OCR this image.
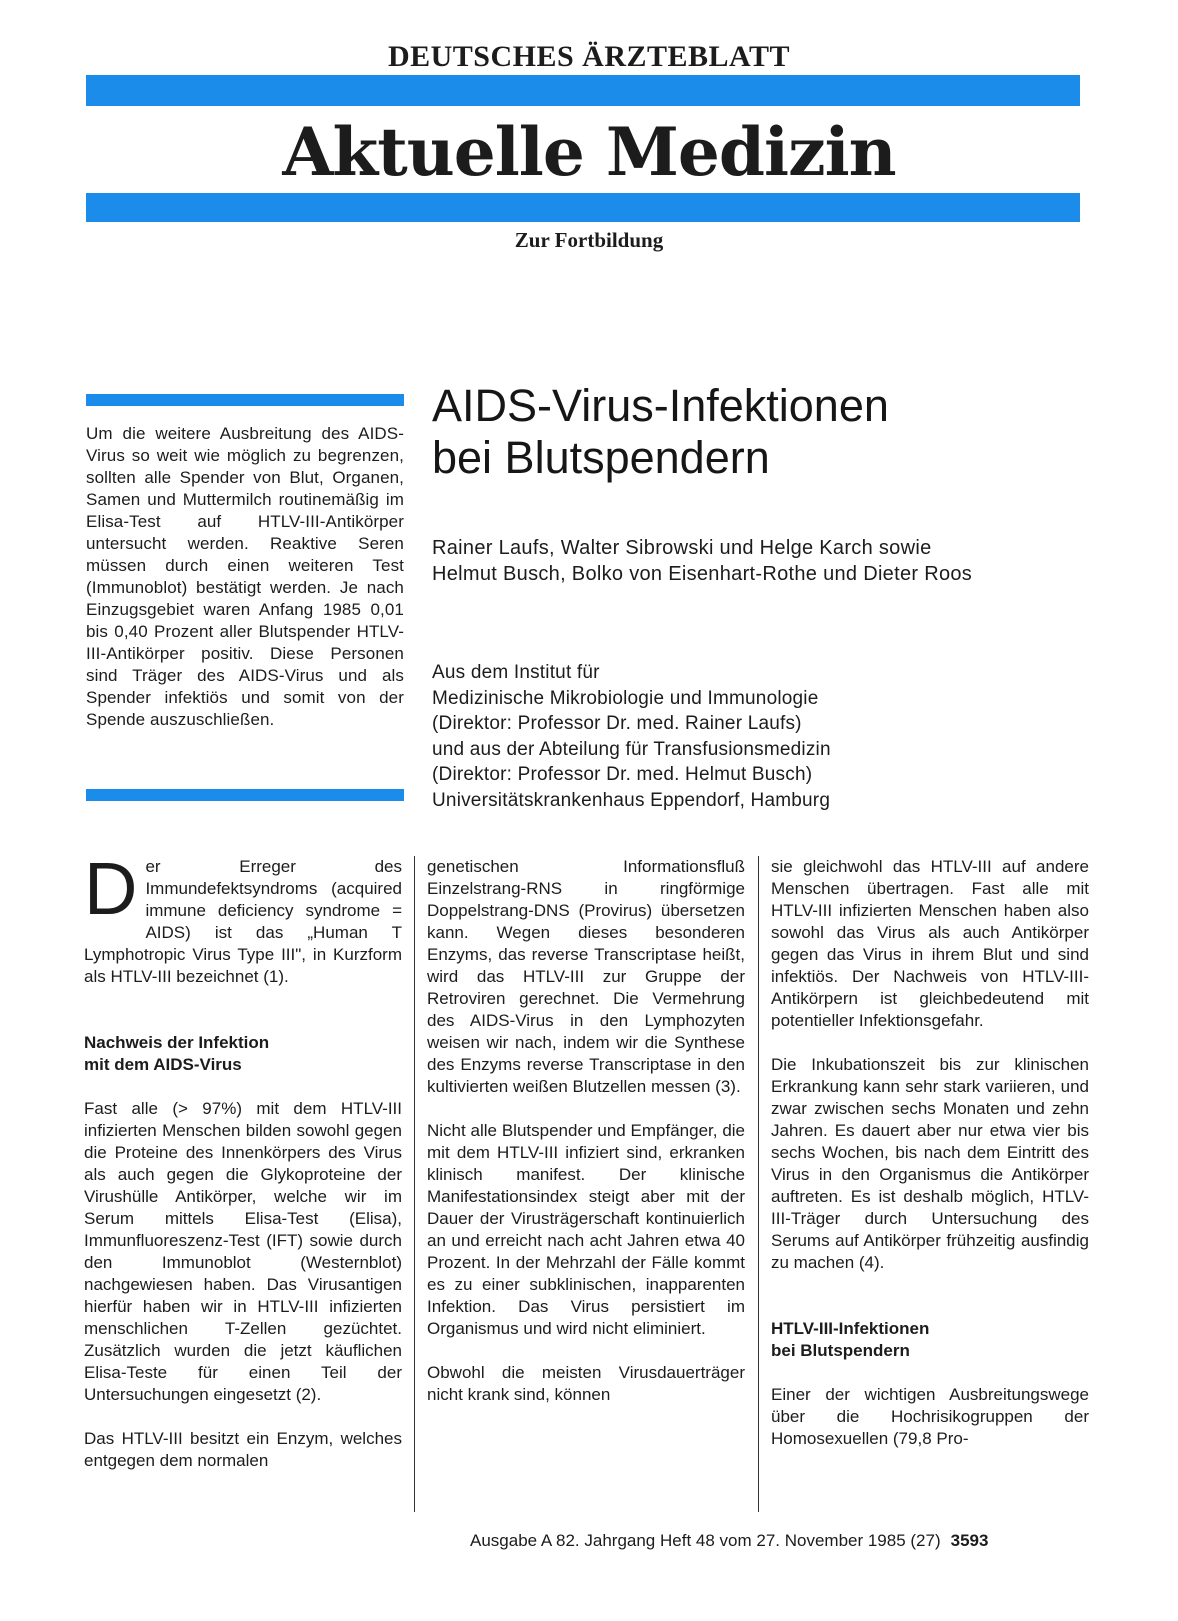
DEUTSCHES ÄRZTEBLATT
Aktuelle Medizin
Zur Fortbildung
Um die weitere Ausbreitung des AIDS-Virus so weit wie möglich zu begrenzen, sollten alle Spender von Blut, Organen, Samen und Muttermilch routinemäßig im Elisa-Test auf HTLV-III-Antikörper untersucht werden. Reaktive Seren müssen durch einen weiteren Test (Immunoblot) bestätigt werden. Je nach Einzugsgebiet waren Anfang 1985 0,01 bis 0,40 Prozent aller Blutspender HTLV-III-Antikörper positiv. Diese Personen sind Träger des AIDS-Virus und als Spender infektiös und somit von der Spende auszuschließen.
AIDS-Virus-Infektionen
bei Blutspendern
Rainer Laufs, Walter Sibrowski und Helge Karch sowie
Helmut Busch, Bolko von Eisenhart-Rothe und Dieter Roos
Aus dem Institut für
Medizinische Mikrobiologie und Immunologie
(Direktor: Professor Dr. med. Rainer Laufs)
und aus der Abteilung für Transfusionsmedizin
(Direktor: Professor Dr. med. Helmut Busch)
Universitätskrankenhaus Eppendorf, Hamburg

Der Erreger des Immundefektsyndroms (acquired immune deficiency syndrome = AIDS) ist das „Human T Lymphotropic Virus Type III", in Kurzform als HTLV-III bezeichnet (1).

Nachweis der Infektion
mit dem AIDS-Virus

Fast alle (> 97%) mit dem HTLV-III infizierten Menschen bilden sowohl gegen die Proteine des Innenkörpers des Virus als auch gegen die Glykoproteine der Virushülle Antikörper, welche wir im Serum mittels Elisa-Test (Elisa), Immunfluoreszenz-Test (IFT) sowie durch den Immunoblot (Westernblot) nachgewiesen haben. Das Virusantigen hierfür haben wir in HTLV-III infizierten menschlichen T-Zellen gezüchtet. Zusätzlich wurden die jetzt käuflichen Elisa-Teste für einen Teil der Untersuchungen eingesetzt (2).

Das HTLV-III besitzt ein Enzym, welches entgegen dem normalen

genetischen Informationsfluß Einzelstrang-RNS in ringförmige Doppelstrang-DNS (Provirus) übersetzen kann. Wegen dieses besonderen Enzyms, das reverse Transcriptase heißt, wird das HTLV-III zur Gruppe der Retroviren gerechnet. Die Vermehrung des AIDS-Virus in den Lymphozyten weisen wir nach, indem wir die Synthese des Enzyms reverse Transcriptase in den kultivierten weißen Blutzellen messen (3).

Nicht alle Blutspender und Empfänger, die mit dem HTLV-III infiziert sind, erkranken klinisch manifest. Der klinische Manifestationsindex steigt aber mit der Dauer der Virusträgerschaft kontinuierlich an und erreicht nach acht Jahren etwa 40 Prozent. In der Mehrzahl der Fälle kommt es zu einer subklinischen, inapparenten Infektion. Das Virus persistiert im Organismus und wird nicht eliminiert.

Obwohl die meisten Virusdauerträger nicht krank sind, können

sie gleichwohl das HTLV-III auf andere Menschen übertragen. Fast alle mit HTLV-III infizierten Menschen haben also sowohl das Virus als auch Antikörper gegen das Virus in ihrem Blut und sind infektiös. Der Nachweis von HTLV-III-Antikörpern ist gleichbedeutend mit potentieller Infektionsgefahr.

Die Inkubationszeit bis zur klinischen Erkrankung kann sehr stark variieren, und zwar zwischen sechs Monaten und zehn Jahren. Es dauert aber nur etwa vier bis sechs Wochen, bis nach dem Eintritt des Virus in den Organismus die Antikörper auftreten. Es ist deshalb möglich, HTLV-III-Träger durch Untersuchung des Serums auf Antikörper frühzeitig ausfindig zu machen (4).

HTLV-III-Infektionen
bei Blutspendern

Einer der wichtigen Ausbreitungswege über die Hochrisikogruppen der Homosexuellen (79,8 Pro-

Ausgabe A 82. Jahrgang Heft 48 vom 27. November 1985 (27) 3593
